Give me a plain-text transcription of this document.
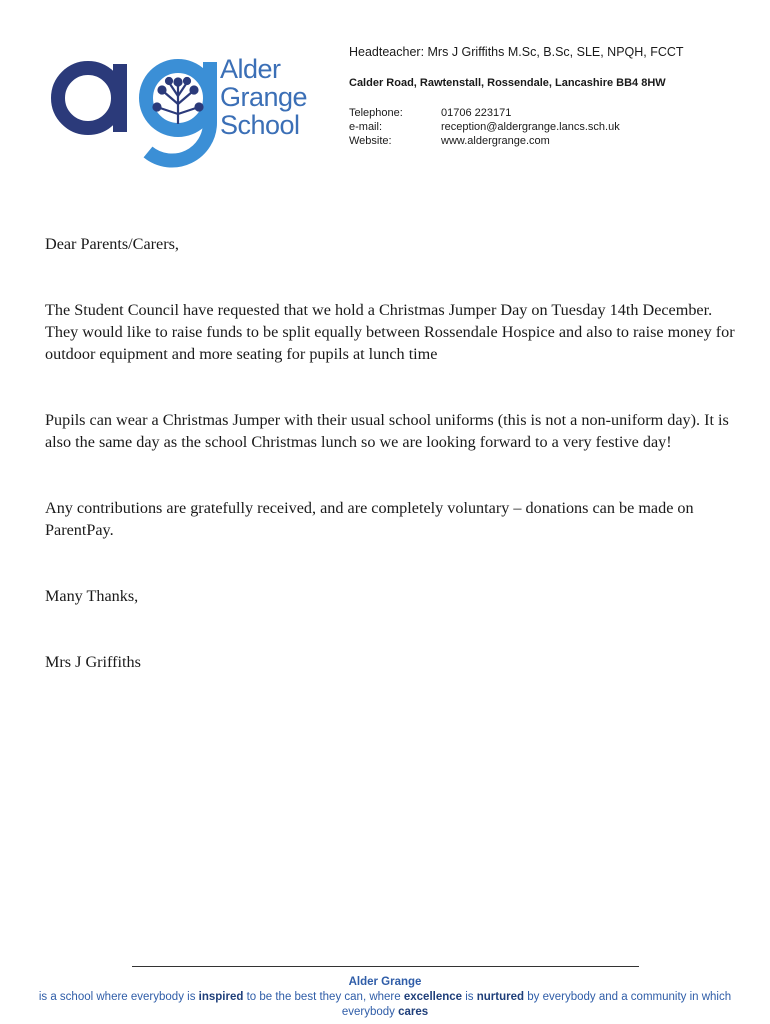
Alder
Grange
School
Headteacher: Mrs J Griffiths M.Sc, B.Sc, SLE, NPQH, FCCT
Calder Road, Rawtenstall, Rossendale, Lancashire BB4 8HW
Telephone:	01706 223171
e-mail:	reception@aldergrange.lancs.sch.uk
Website:	www.aldergrange.com

Dear Parents/Carers,

The Student Council have requested that we hold a Christmas Jumper Day on Tuesday 14th December. They would like to raise funds to be split equally between Rossendale Hospice and also to raise money for outdoor equipment and more seating for pupils at lunch time

Pupils can wear a Christmas Jumper with their usual school uniforms (this is not a non-uniform day). It is also the same day as the school Christmas lunch so we are looking forward to a very festive day!

Any contributions are gratefully received, and are completely voluntary – donations can be made on ParentPay.

Many Thanks,

Mrs J Griffiths

Alder Grange
is a school where everybody is inspired to be the best they can, where excellence is nurtured by everybody and a community in which everybody cares
